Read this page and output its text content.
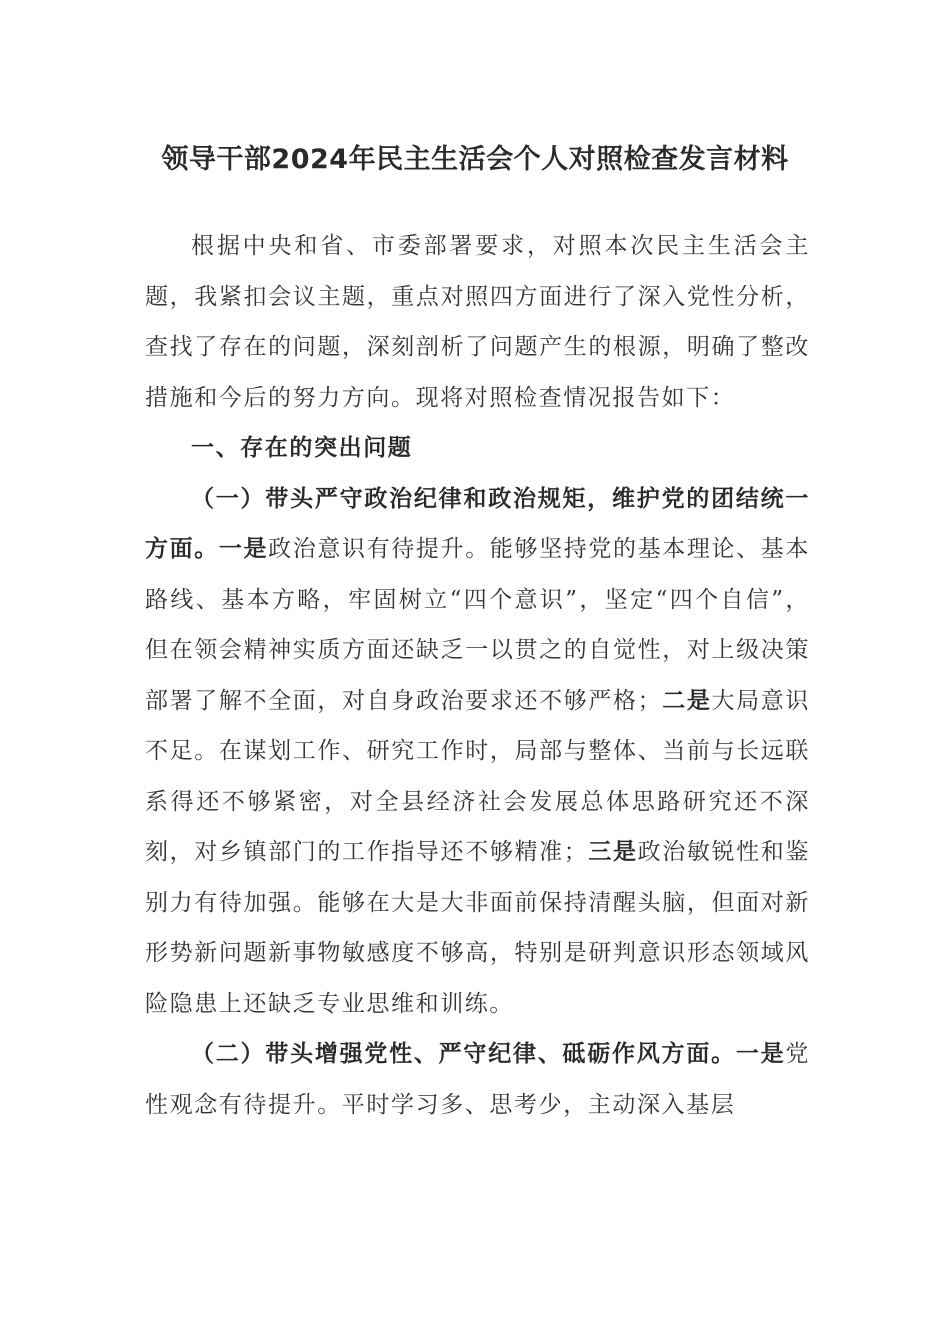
领导干部2024年民主生活会个人对照检查发言材料

根据中央和省、市委部署要求，对照本次民主生活会主题，我紧扣会议主题，重点对照四方面进行了深入党性分析，查找了存在的问题，深刻剖析了问题产生的根源，明确了整改措施和今后的努力方向。现将对照检查情况报告如下：

一、存在的突出问题

（一）带头严守政治纪律和政治规矩，维护党的团结统一方面。一是政治意识有待提升。能够坚持党的基本理论、基本路线、基本方略，牢固树立“四个意识”，坚定“四个自信”，但在领会精神实质方面还缺乏一以贯之的自觉性，对上级决策部署了解不全面，对自身政治要求还不够严格；二是大局意识不足。在谋划工作、研究工作时，局部与整体、当前与长远联系得还不够紧密，对全县经济社会发展总体思路研究还不深刻，对乡镇部门的工作指导还不够精准；三是政治敏锐性和鉴别力有待加强。能够在大是大非面前保持清醒头脑，但面对新形势新问题新事物敏感度不够高，特别是研判意识形态领域风险隐患上还缺乏专业思维和训练。

（二）带头增强党性、严守纪律、砥砺作风方面。一是党性观念有待提升。平时学习多、思考少，主动深入基层
